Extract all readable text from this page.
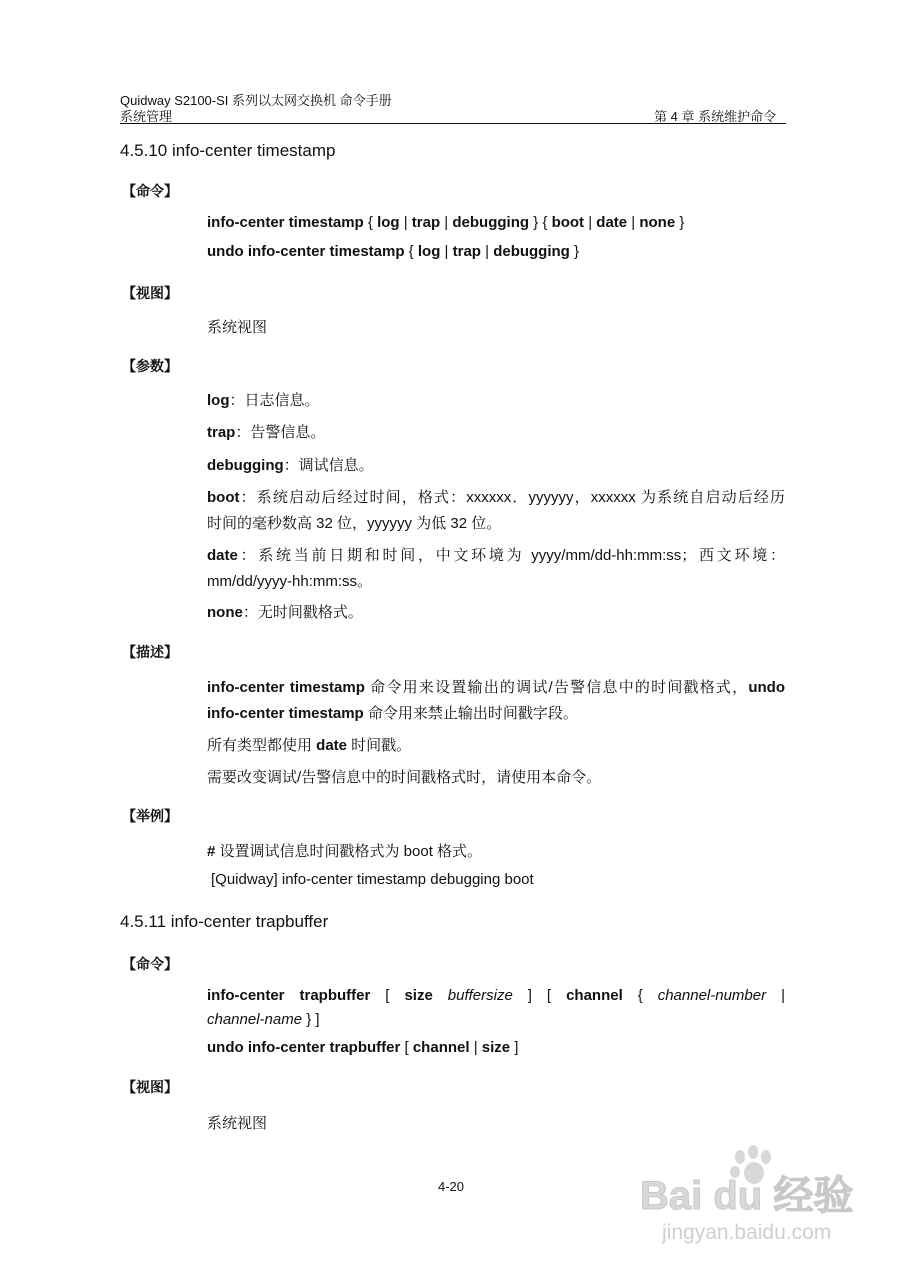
Quidway S2100-SI 系列以太网交换机 命令手册
系统管理	第 4 章 系统维护命令
4.5.10 info-center timestamp
【命令】
info-center timestamp { log | trap | debugging } { boot | date | none }
undo info-center timestamp { log | trap | debugging }
【视图】
系统视图
【参数】
log：日志信息。
trap：告警信息。
debugging：调试信息。
boot：系统启动后经过时间，格式：xxxxxx．yyyyyy，xxxxxx 为系统自启动后经历
时间的毫秒数高 32 位，yyyyyy 为低 32 位。
date：系统当前日期和时间，中文环境为 yyyy/mm/dd-hh:mm:ss；西文环境：
mm/dd/yyyy-hh:mm:ss。
none：无时间戳格式。
【描述】
info-center timestamp 命令用来设置输出的调试/告警信息中的时间戳格式，undo
info-center timestamp 命令用来禁止输出时间戳字段。
所有类型都使用 date 时间戳。
需要改变调试/告警信息中的时间戳格式时，请使用本命令。
【举例】
# 设置调试信息时间戳格式为 boot 格式。
[Quidway] info-center timestamp debugging boot
4.5.11 info-center trapbuffer
【命令】
info-center trapbuffer [ size buffersize ] [ channel { channel-number |
channel-name } ]
undo info-center trapbuffer [ channel | size ]
【视图】
系统视图
4-20	Bai du 经验
jingyan.baidu.com
